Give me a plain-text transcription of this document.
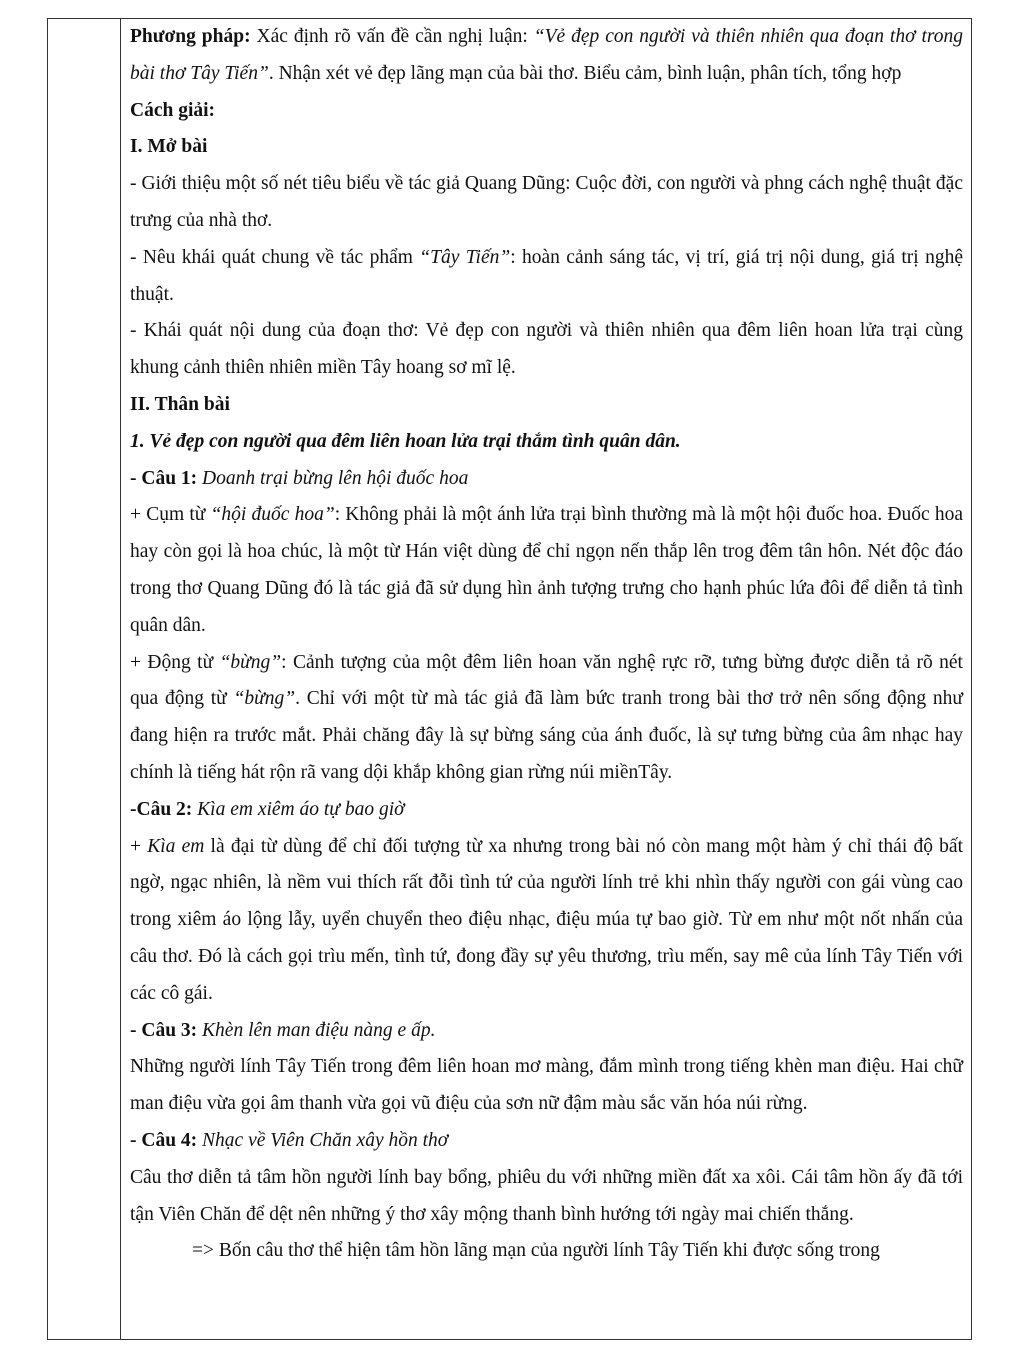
Phương pháp: Xác định rõ vấn đề cần nghị luận: “Vẻ đẹp con người và thiên nhiên qua đoạn thơ trong bài thơ Tây Tiến”. Nhận xét vẻ đẹp lãng mạn của bài thơ. Biểu cảm, bình luận, phân tích, tổng hợp

Cách giải:

I. Mở bài

- Giới thiệu một số nét tiêu biểu về tác giả Quang Dũng: Cuộc đời, con người và phng cách nghệ thuật đặc trưng của nhà thơ.

- Nêu khái quát chung về tác phẩm “Tây Tiến”: hoàn cảnh sáng tác, vị trí, giá trị nội dung, giá trị nghệ thuật.

- Khái quát nội dung của đoạn thơ: Vẻ đẹp con người và thiên nhiên qua đêm liên hoan lửa trại cùng khung cảnh thiên nhiên miền Tây hoang sơ mĩ lệ.

II. Thân bài

1. Vẻ đẹp con người qua đêm liên hoan lửa trại thắm tình quân dân.

- Câu 1: Doanh trại bừng lên hội đuốc hoa

+ Cụm từ “hội đuốc hoa”: Không phải là một ánh lửa trại bình thường mà là một hội đuốc hoa. Đuốc hoa hay còn gọi là hoa chúc, là một từ Hán việt dùng để chỉ ngọn nến thắp lên trog đêm tân hôn. Nét độc đáo trong thơ Quang Dũng đó là tác giả đã sử dụng hìn ảnh tượng trưng cho hạnh phúc lứa đôi để diễn tả tình quân dân.

+ Động từ “bừng”: Cảnh tượng của một đêm liên hoan văn nghệ rực rỡ, tưng bừng được diễn tả rõ nét qua động từ “bừng”. Chỉ với một từ mà tác giả đã làm bức tranh trong bài thơ trở nên sống động như đang hiện ra trước mắt. Phải chăng đây là sự bừng sáng của ánh đuốc, là sự tưng bừng của âm nhạc hay chính là tiếng hát rộn rã vang dội khắp không gian rừng núi miềnTây.

-Câu 2: Kìa em xiêm áo tự bao giờ

+ Kìa em là đại từ dùng để chỉ đối tượng từ xa nhưng trong bài nó còn mang một hàm ý chỉ thái độ bất ngờ, ngạc nhiên, là nềm vui thích rất đỗi tình tứ của người lính trẻ khi nhìn thấy người con gái vùng cao trong xiêm áo lộng lẫy, uyển chuyển theo điệu nhạc, điệu múa tự bao giờ. Từ em như một nốt nhấn của câu thơ. Đó là cách gọi trìu mến, tình tứ, đong đầy sự yêu thương, trìu mến, say mê của lính Tây Tiến với các cô gái.

- Câu 3: Khèn lên man điệu nàng e ấp.

Những người lính Tây Tiến trong đêm liên hoan mơ màng, đắm mình trong tiếng khèn man điệu. Hai chữ man điệu vừa gọi âm thanh vừa gọi vũ điệu của sơn nữ đậm màu sắc văn hóa núi rừng.

- Câu 4: Nhạc về Viên Chăn xây hồn thơ

Câu thơ diễn tả tâm hồn người lính bay bổng, phiêu du với những miền đất xa xôi. Cái tâm hồn ấy đã tới tận Viên Chăn để dệt nên những ý thơ xây mộng thanh bình hướng tới ngày mai chiến thắng.

=> Bốn câu thơ thể hiện tâm hồn lãng mạn của người lính Tây Tiến khi được sống trong
